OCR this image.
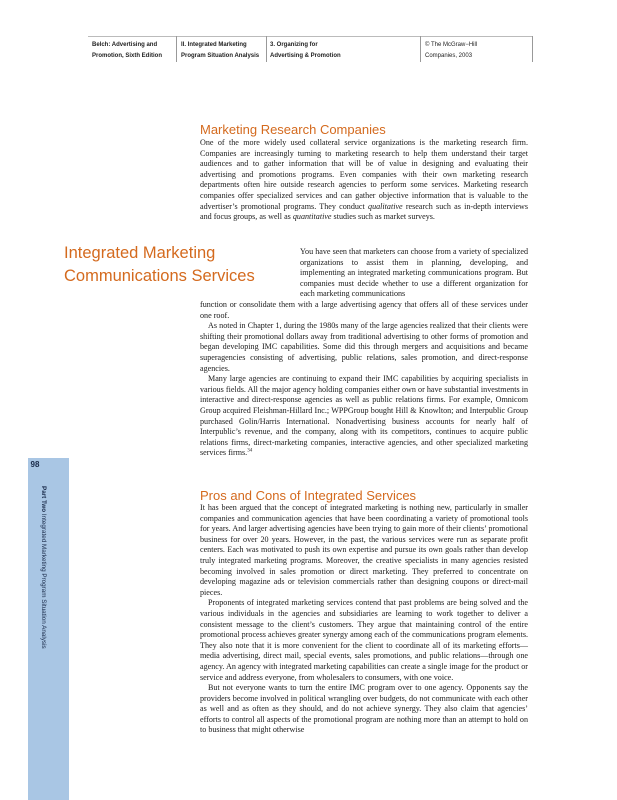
Belch: Advertising and
Promotion, Sixth Edition
II. Integrated Marketing
Program Situation Analysis
3. Organizing for
Advertising & Promotion
© The McGraw−Hill
Companies, 2003
Marketing Research Companies

One of the more widely used collateral service organizations is the marketing research firm. Companies are increasingly turning to marketing research to help them understand their target audiences and to gather information that will be of value in designing and evaluating their advertising and promotions programs. Even companies with their own marketing research departments often hire outside research agencies to perform some services. Marketing research companies offer specialized services and can gather objective information that is valuable to the advertiser’s promotional programs. They conduct qualitative research such as in-depth interviews and focus groups, as well as quantitative studies such as market surveys.

Integrated Marketing
Communications Services
You have seen that marketers can choose from a variety of specialized organizations to assist them in planning, developing, and implementing an integrated marketing communications program. But companies must decide whether to use a different organization for each marketing communications

function or consolidate them with a large advertising agency that offers all of these services under one roof.

As noted in Chapter 1, during the 1980s many of the large agencies realized that their clients were shifting their promotional dollars away from traditional advertising to other forms of promotion and began developing IMC capabilities. Some did this through mergers and acquisitions and became superagencies consisting of advertising, public relations, sales promotion, and direct-response agencies.

Many large agencies are continuing to expand their IMC capabilities by acquiring specialists in various fields. All the major agency holding companies either own or have substantial investments in interactive and direct-response agencies as well as public relations firms. For example, Omnicom Group acquired Fleishman-Hillard Inc.; WPPGroup bought Hill & Knowlton; and Interpublic Group purchased Golin/Harris International. Nonadvertising business accounts for nearly half of Interpublic’s revenue, and the company, along with its competitors, continues to acquire public relations firms, direct-marketing companies, interactive agencies, and other specialized marketing services firms.$^{34}$

Pros and Cons of Integrated Services

It has been argued that the concept of integrated marketing is nothing new, particularly in smaller companies and communication agencies that have been coordinating a variety of promotional tools for years. And larger advertising agencies have been trying to gain more of their clients’ promotional business for over 20 years. However, in the past, the various services were run as separate profit centers. Each was motivated to push its own expertise and pursue its own goals rather than develop truly integrated marketing programs. Moreover, the creative specialists in many agencies resisted becoming involved in sales promotion or direct marketing. They preferred to concentrate on developing magazine ads or television commercials rather than designing coupons or direct-mail pieces.

Proponents of integrated marketing services contend that past problems are being solved and the various individuals in the agencies and subsidiaries are learning to work together to deliver a consistent message to the client’s customers. They argue that maintaining control of the entire promotional process achieves greater synergy among each of the communications program elements. They also note that it is more convenient for the client to coordinate all of its marketing efforts—media advertising, direct mail, special events, sales promotions, and public relations—through one agency. An agency with integrated marketing capabilities can create a single image for the product or service and address everyone, from wholesalers to consumers, with one voice.

But not everyone wants to turn the entire IMC program over to one agency. Opponents say the providers become involved in political wrangling over budgets, do not communicate with each other as well and as often as they should, and do not achieve synergy. They also claim that agencies’ efforts to control all aspects of the promotional program are nothing more than an attempt to hold on to business that might otherwise

98
Part Two Integrated Marketing Program Situation Analysis
